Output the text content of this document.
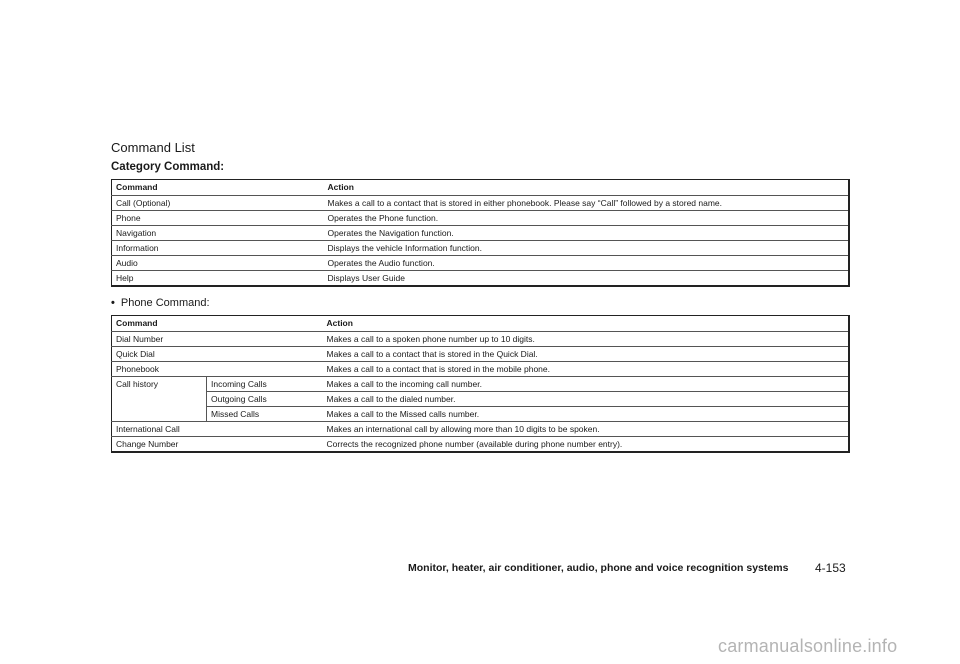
Command List
Category Command:
Command	Action
Call (Optional)	Makes a call to a contact that is stored in either phonebook. Please say “Call” followed by a stored name.
Phone	Operates the Phone function.
Navigation	Operates the Navigation function.
Information	Displays the vehicle Information function.
Audio	Operates the Audio function.
Help	Displays User Guide
• Phone Command:
Command		Action
Dial Number		Makes a call to a spoken phone number up to 10 digits.
Quick Dial		Makes a call to a contact that is stored in the Quick Dial.
Phonebook		Makes a call to a contact that is stored in the mobile phone.
Call history	Incoming Calls	Makes a call to the incoming call number.
	Outgoing Calls	Makes a call to the dialed number.
	Missed Calls	Makes a call to the Missed calls number.
International Call		Makes an international call by allowing more than 10 digits to be spoken.
Change Number		Corrects the recognized phone number (available during phone number entry).
Monitor, heater, air conditioner, audio, phone and voice recognition systems 4-153
carmanualsonline.info
